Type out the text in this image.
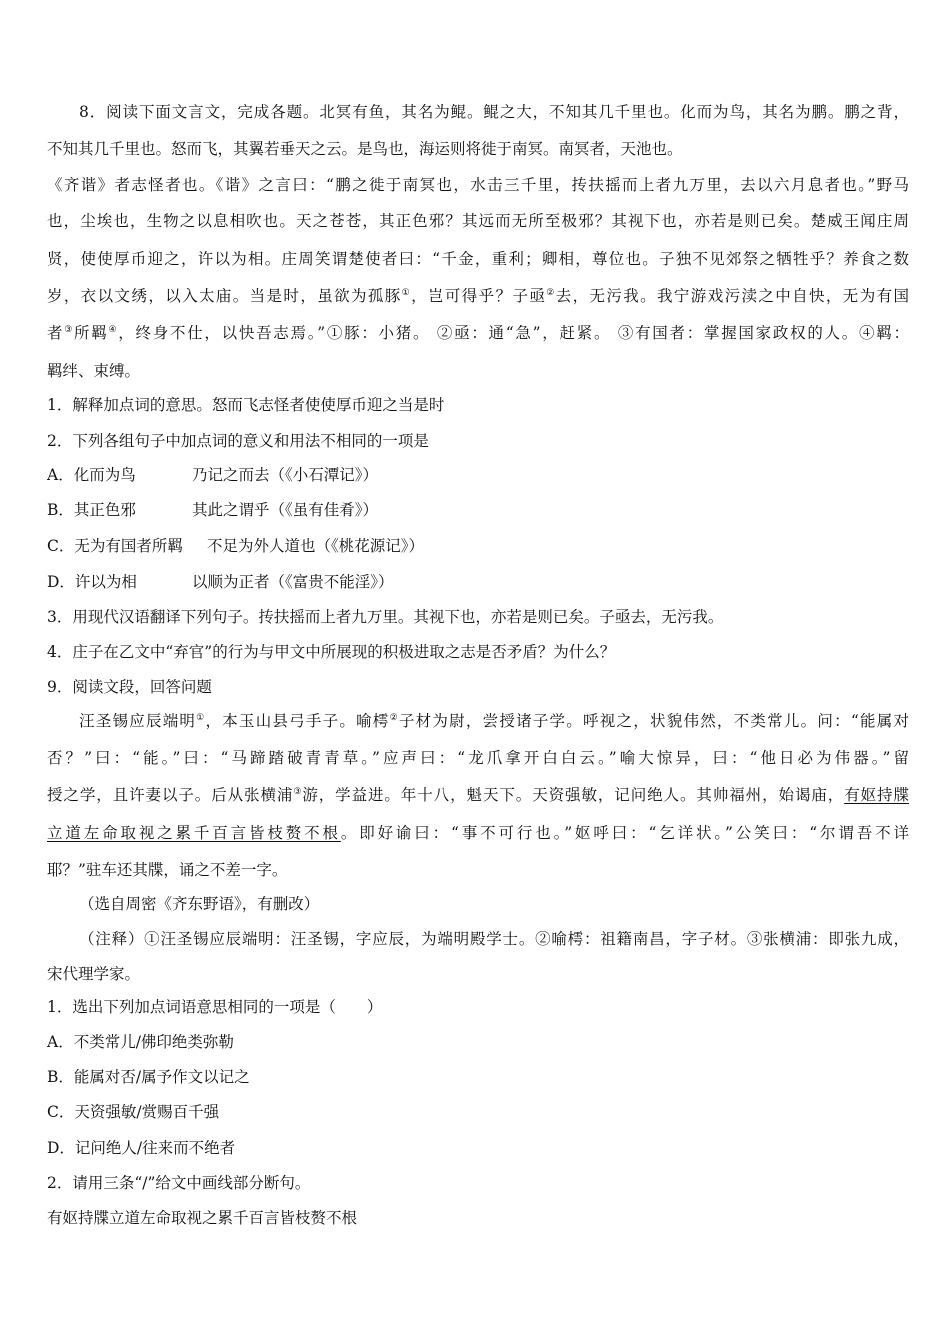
8．阅读下面文言文，完成各题。北冥有鱼，其名为鲲。鲲之大，不知其几千里也。化而为鸟，其名为鹏。鹏之背，
不知其几千里也。怒而飞，其翼若垂天之云。是鸟也，海运则将徙于南冥。南冥者，天池也。
《齐谐》者志怪者也。《谐》之言曰：“鹏之徙于南冥也，水击三千里，抟扶摇而上者九万里，去以六月息者也。”野马
也，尘埃也，生物之以息相吹也。天之苍苍，其正色邪？其远而无所至极邪？其视下也，亦若是则已矣。楚威王闻庄周
贤，使使厚币迎之，许以为相。庄周笑谓楚使者曰：“千金，重利；卿相，尊位也。子独不见郊祭之牺牲乎？养食之数
岁，衣以文绣，以入太庙。当是时，虽欲为孤豚①，岂可得乎？子亟②去，无污我。我宁游戏污渎之中自快，无为有国
者③所羁④，终身不仕，以快吾志焉。”①豚：小猪。 ②亟：通“急”，赶紧。 ③有国者：掌握国家政权的人。④羁：
羁绊、束缚。
1．解释加点词的意思。怒而飞志怪者使使厚币迎之当是时
2．下列各组句子中加点词的意义和用法不相同的一项是
A．化而为鸟	乃记之而去（《小石潭记》）
B．其正色邪	其此之谓乎（《虽有佳肴》）
C．无为有国者所羁 不足为外人道也（《桃花源记》）
D．许以为相	以顺为正者（《富贵不能淫》）
3．用现代汉语翻译下列句子。抟扶摇而上者九万里。其视下也，亦若是则已矣。子亟去，无污我。
4．庄子在乙文中“弃官”的行为与甲文中所展现的积极进取之志是否矛盾？为什么？
9．阅读文段，回答问题
汪圣锡应辰端明①，本玉山县弓手子。喻樗②子材为尉，尝授诸子学。呼视之，状貌伟然，不类常儿。问：“能属对
否？”曰：“能。”曰：“马蹄踏破青青草。”应声曰：“龙爪拿开白白云。”喻大惊异，曰：“他日必为伟器。”留
授之学，且许妻以子。后从张横浦③游，学益进。年十八，魁天下。天资强敏，记问绝人。其帅福州，始谒庙，有妪持牒
立道左命取视之累千百言皆枝赘不根。即好谕曰：“事不可行也。”妪呼曰：“乞详状。”公笑曰：“尔谓吾不详
耶？”驻车还其牒，诵之不差一字。
（选自周密《齐东野语》，有删改）
（注释）①汪圣锡应辰端明：汪圣锡，字应辰，为端明殿学士。②喻樗：祖籍南昌，字子材。③张横浦：即张九成，
宋代理学家。
1．选出下列加点词语意思相同的一项是（　　）
A．不类常儿/佛印绝类弥勒
B．能属对否/属予作文以记之
C．天资强敏/赏赐百千强
D．记问绝人/往来而不绝者
2．请用三条“/”给文中画线部分断句。
有妪持牒立道左命取视之累千百言皆枝赘不根
